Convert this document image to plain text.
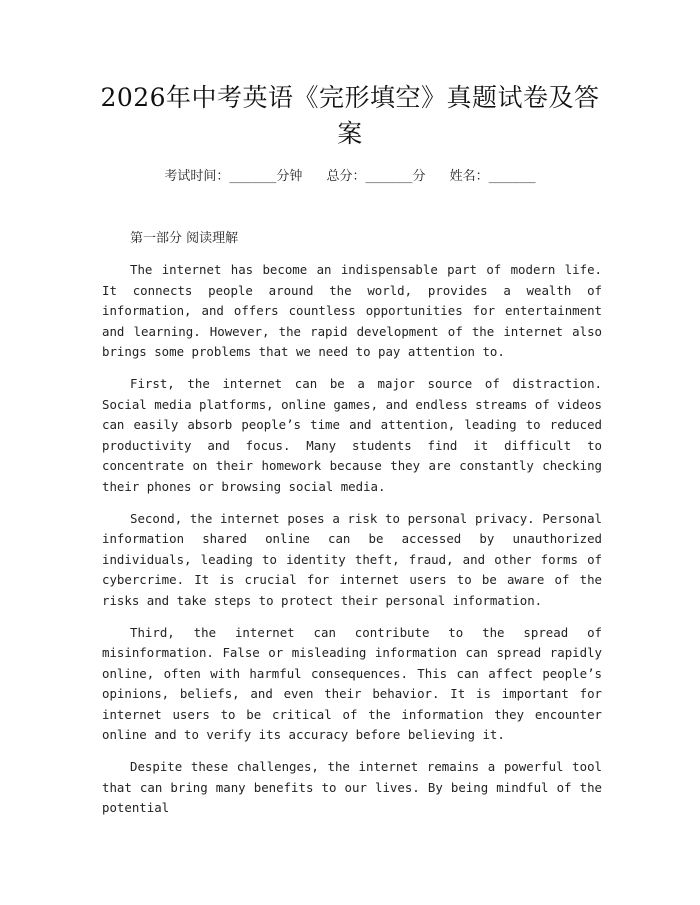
2026年中考英语《完形填空》真题试卷及答案
考试时间：______分钟 总分：______分 姓名：______
第一部分 阅读理解

The internet has become an indispensable part of modern life. It connects people around the world, provides a wealth of information, and offers countless opportunities for entertainment and learning. However, the rapid development of the internet also brings some problems that we need to pay attention to.

First, the internet can be a major source of distraction. Social media platforms, online games, and endless streams of videos can easily absorb people’s time and attention, leading to reduced productivity and focus. Many students find it difficult to concentrate on their homework because they are constantly checking their phones or browsing social media.

Second, the internet poses a risk to personal privacy. Personal information shared online can be accessed by unauthorized individuals, leading to identity theft, fraud, and other forms of cybercrime. It is crucial for internet users to be aware of the risks and take steps to protect their personal information.

Third, the internet can contribute to the spread of misinformation. False or misleading information can spread rapidly online, often with harmful consequences. This can affect people’s opinions, beliefs, and even their behavior. It is important for internet users to be critical of the information they encounter online and to verify its accuracy before believing it.

Despite these challenges, the internet remains a powerful tool that can bring many benefits to our lives. By being mindful of the potential
